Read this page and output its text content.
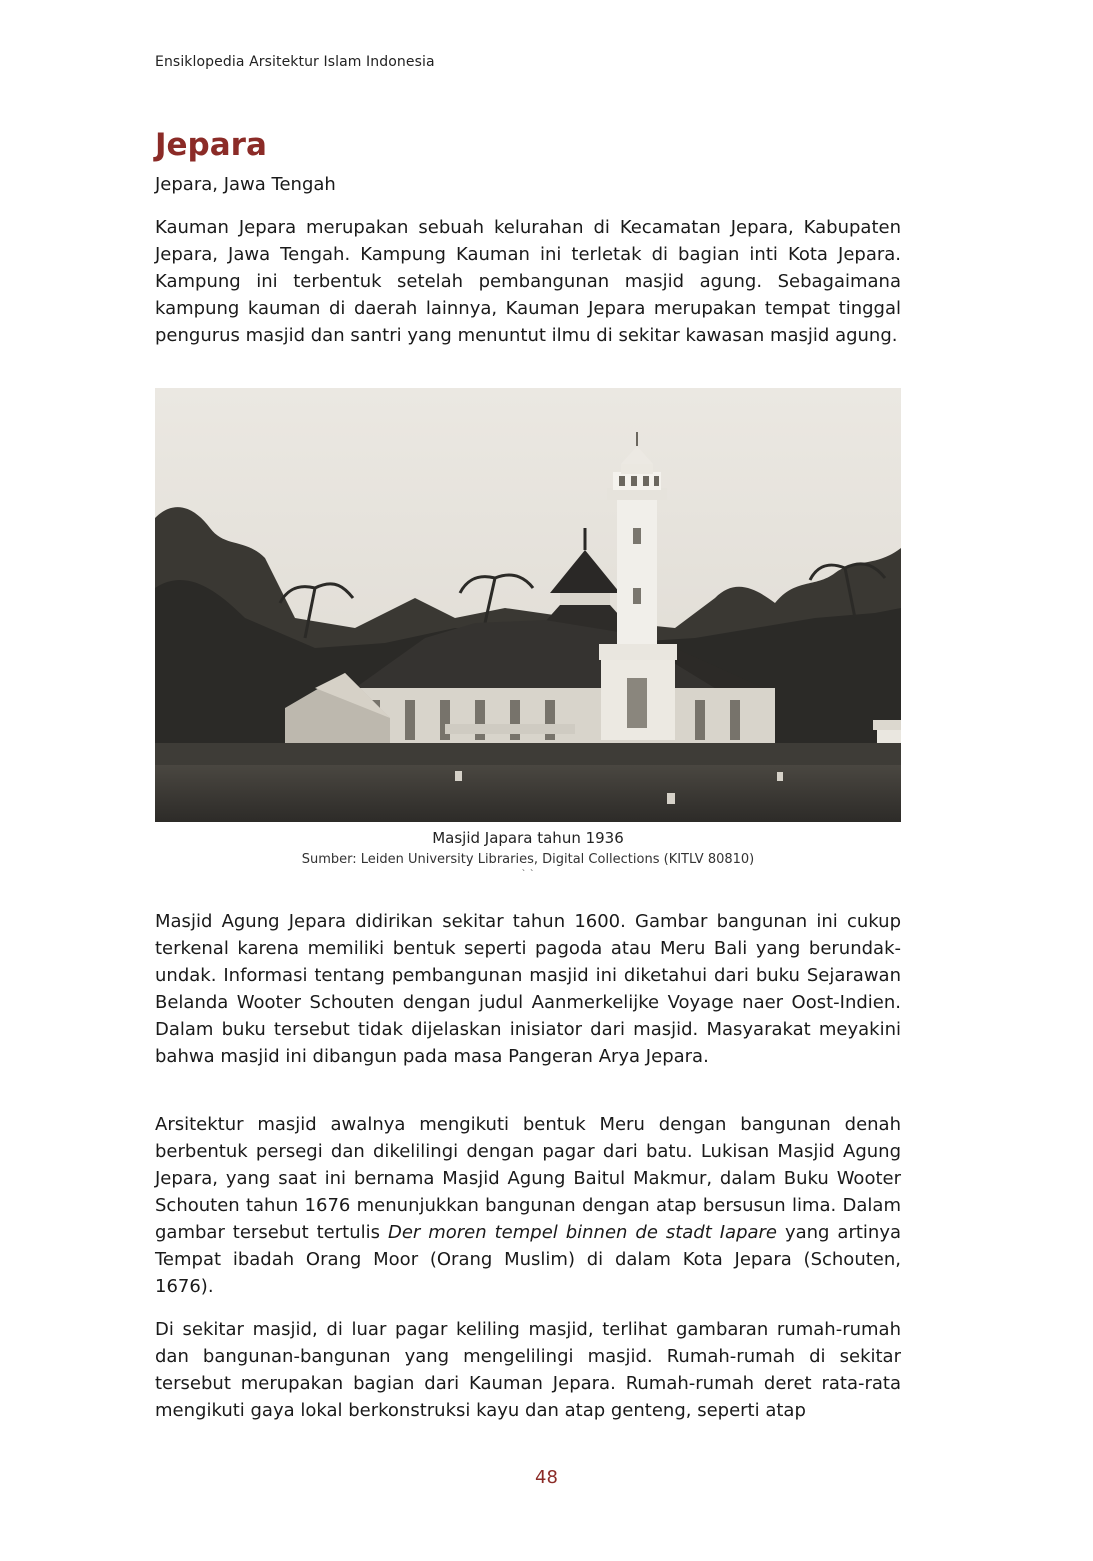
Ensiklopedia Arsitektur Islam Indonesia
Jepara
Jepara, Jawa Tengah

Kauman Jepara merupakan sebuah kelurahan di Kecamatan Jepara, Kabupaten Jepara, Jawa Tengah. Kampung Kauman ini terletak di bagian inti Kota Jepara. Kampung ini terbentuk setelah pembangunan masjid agung. Sebagaimana kampung kauman di daerah lainnya, Kauman Jepara merupakan tempat tinggal pengurus masjid dan santri yang menuntut ilmu di sekitar kawasan masjid agung.

Masjid Japara tahun 1936
Sumber: Leiden University Libraries, Digital Collections (KITLV 80810)
` `

Masjid Agung Jepara didirikan sekitar tahun 1600. Gambar bangunan ini cukup terkenal karena memiliki bentuk seperti pagoda atau Meru Bali yang berundak-undak. Informasi tentang pembangunan masjid ini diketahui dari buku Sejarawan Belanda Wooter Schouten dengan judul Aanmerkelijke Voyage naer Oost-Indien. Dalam buku tersebut tidak dijelaskan inisiator dari masjid. Masyarakat meyakini bahwa masjid ini dibangun pada masa Pangeran Arya Jepara.

Arsitektur masjid awalnya mengikuti bentuk Meru dengan bangunan denah berbentuk persegi dan dikelilingi dengan pagar dari batu. Lukisan Masjid Agung Jepara, yang saat ini bernama Masjid Agung Baitul Makmur, dalam Buku Wooter Schouten tahun 1676 menunjukkan bangunan dengan atap bersusun lima. Dalam gambar tersebut tertulis Der moren tempel binnen de stadt Iapare yang artinya Tempat ibadah Orang Moor (Orang Muslim) di dalam Kota Jepara (Schouten, 1676).

Di sekitar masjid, di luar pagar keliling masjid, terlihat gambaran rumah-rumah dan bangunan-bangunan yang mengelilingi masjid. Rumah-rumah di sekitar tersebut merupakan bagian dari Kauman Jepara. Rumah-rumah deret rata-rata mengikuti gaya lokal berkonstruksi kayu dan atap genteng, seperti atap

48
